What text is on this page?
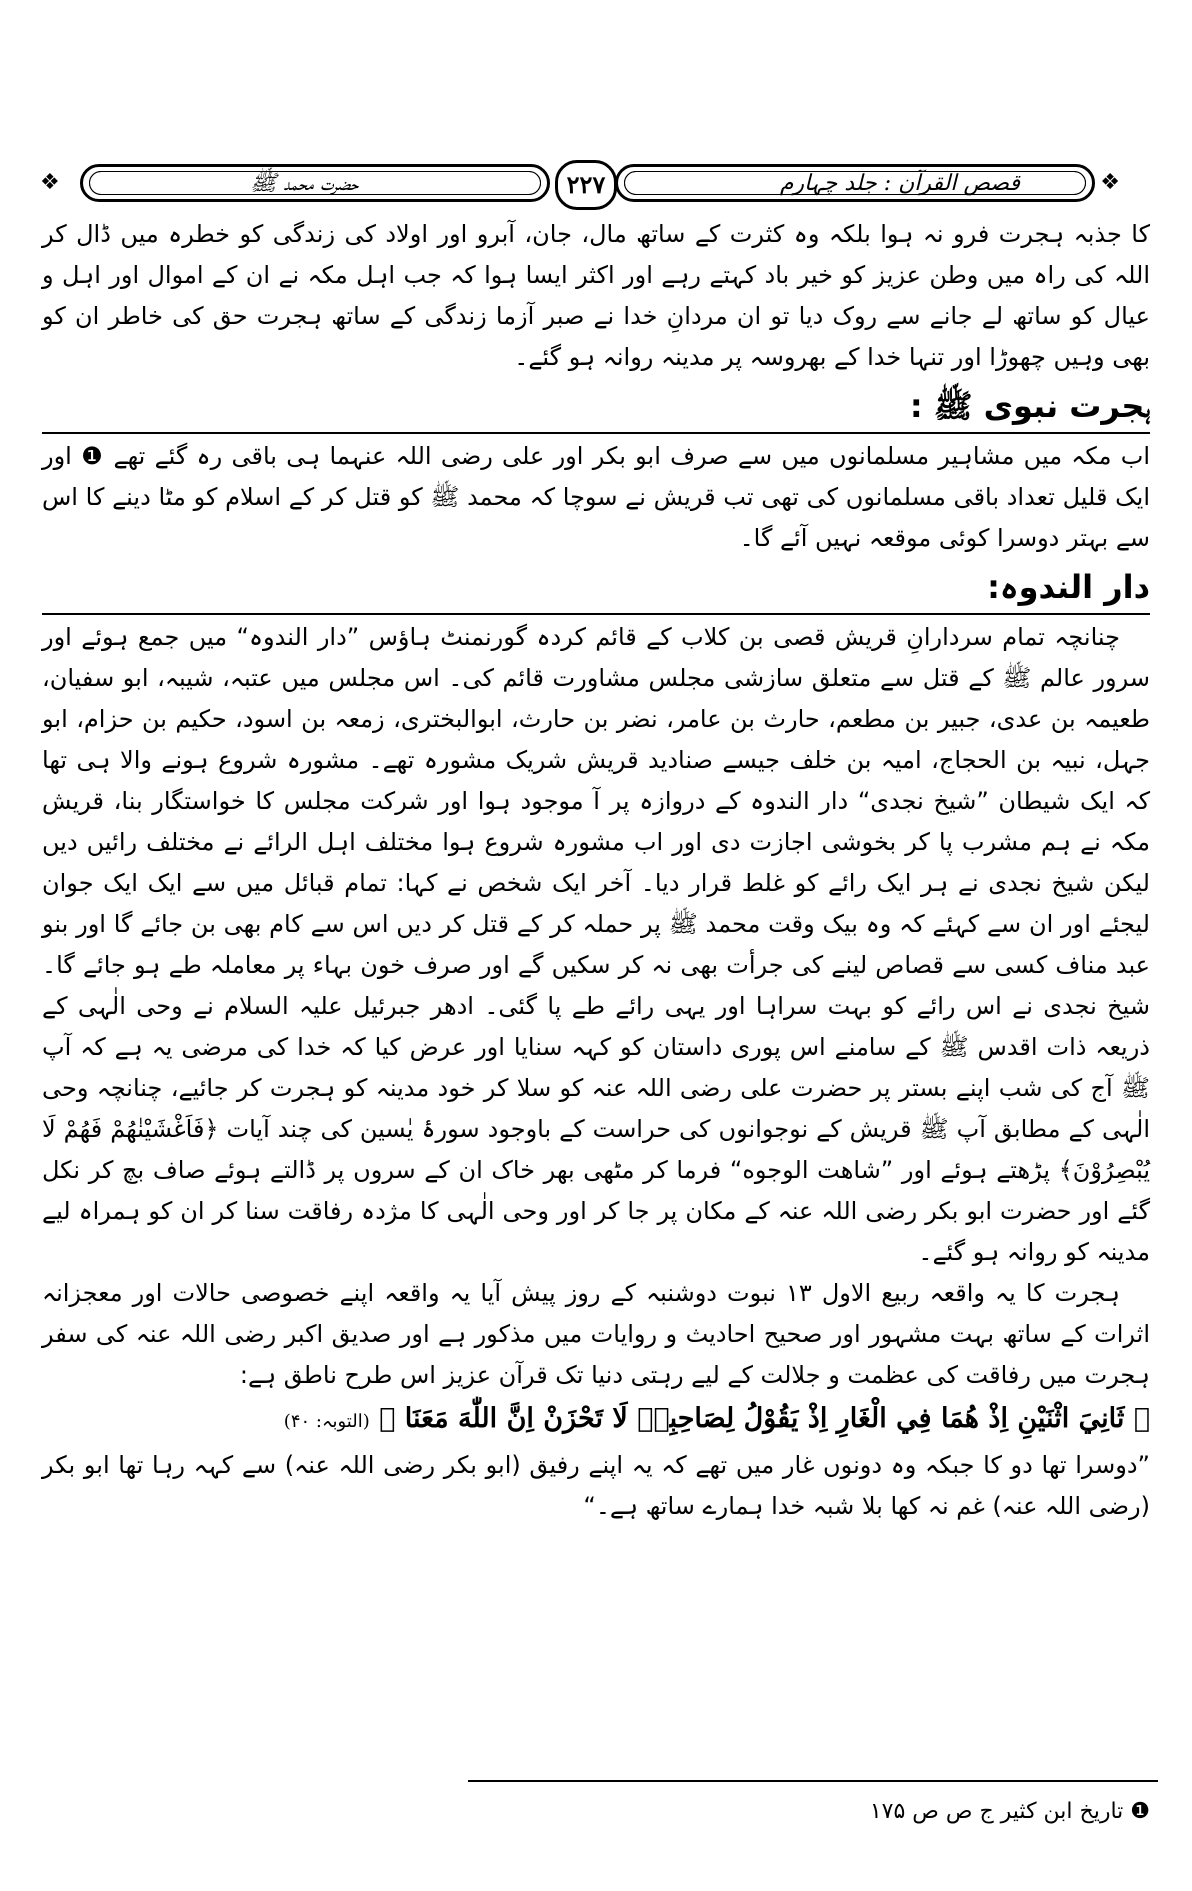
❖
❖	قصص القرآن : جلد چہارم
حضرت محمد ﷺ	۲۲۷

کا جذبہ ہجرت فرو نہ ہوا بلکہ وہ کثرت کے ساتھ مال، جان، آبرو اور اولاد کی زندگی کو خطرہ میں ڈال کر اللہ کی راہ میں وطن عزیز کو خیر باد کہتے رہے اور اکثر ایسا ہوا کہ جب اہل مکہ نے ان کے اموال اور اہل و عیال کو ساتھ لے جانے سے روک دیا تو ان مردانِ خدا نے صبر آزما زندگی کے ساتھ ہجرت حق کی خاطر ان کو بھی وہیں چھوڑا اور تنہا خدا کے بھروسہ پر مدینہ روانہ ہو گئے۔

ہجرت نبوی ﷺ :

اب مکہ میں مشاہیر مسلمانوں میں سے صرف ابو بکر اور علی رضی اللہ عنہما ہی باقی رہ گئے تھے ❶ اور ایک قلیل تعداد باقی مسلمانوں کی تھی تب قریش نے سوچا کہ محمد ﷺ کو قتل کر کے اسلام کو مٹا دینے کا اس سے بہتر دوسرا کوئی موقعہ نہیں آئے گا۔

دار الندوہ:

چنانچہ تمام سردارانِ قریش قصی بن کلاب کے قائم کردہ گورنمنٹ ہاؤس ”دار الندوہ“ میں جمع ہوئے اور سرور عالم ﷺ کے قتل سے متعلق سازشی مجلس مشاورت قائم کی۔ اس مجلس میں عتبہ، شیبہ، ابو سفیان، طعیمہ بن عدی، جبیر بن مطعم، حارث بن عامر، نضر بن حارث، ابوالبختری، زمعہ بن اسود، حکیم بن حزام، ابو جہل، نبیہ بن الحجاج، امیہ بن خلف جیسے صنادید قریش شریک مشورہ تھے۔ مشورہ شروع ہونے والا ہی تھا کہ ایک شیطان ”شیخ نجدی“ دار الندوہ کے دروازہ پر آ موجود ہوا اور شرکت مجلس کا خواستگار بنا، قریش مکہ نے ہم مشرب پا کر بخوشی اجازت دی اور اب مشورہ شروع ہوا مختلف اہل الرائے نے مختلف رائیں دیں لیکن شیخ نجدی نے ہر ایک رائے کو غلط قرار دیا۔ آخر ایک شخص نے کہا: تمام قبائل میں سے ایک ایک جوان لیجئے اور ان سے کہئے کہ وہ بیک وقت محمد ﷺ پر حملہ کر کے قتل کر دیں اس سے کام بھی بن جائے گا اور بنو عبد مناف کسی سے قصاص لینے کی جرأت بھی نہ کر سکیں گے اور صرف خون بہاء پر معاملہ طے ہو جائے گا۔ شیخ نجدی نے اس رائے کو بہت سراہا اور یہی رائے طے پا گئی۔ ادھر جبرئیل علیہ السلام نے وحی الٰہی کے ذریعہ ذات اقدس ﷺ کے سامنے اس پوری داستان کو کہہ سنایا اور عرض کیا کہ خدا کی مرضی یہ ہے کہ آپ ﷺ آج کی شب اپنے بستر پر حضرت علی رضی اللہ عنہ کو سلا کر خود مدینہ کو ہجرت کر جائیے، چنانچہ وحی الٰہی کے مطابق آپ ﷺ قریش کے نوجوانوں کی حراست کے باوجود سورۂ یٰسین کی چند آیات ﴿فَاَغْشَيْنٰهُمْ فَهُمْ لَا يُبْصِرُوْنَ﴾ پڑھتے ہوئے اور ”شاهت الوجوه“ فرما کر مٹھی بھر خاک ان کے سروں پر ڈالتے ہوئے صاف بچ کر نکل گئے اور حضرت ابو بکر رضی اللہ عنہ کے مکان پر جا کر اور وحی الٰہی کا مژدہ رفاقت سنا کر ان کو ہمراہ لیے مدینہ کو روانہ ہو گئے۔

ہجرت کا یہ واقعہ ربیع الاول ۱۳ نبوت دوشنبہ کے روز پیش آیا یہ واقعہ اپنے خصوصی حالات اور معجزانہ اثرات کے ساتھ بہت مشہور اور صحیح احادیث و روایات میں مذکور ہے اور صدیق اکبر رضی اللہ عنہ کی سفر ہجرت میں رفاقت کی عظمت و جلالت کے لیے رہتی دنیا تک قرآن عزیز اس طرح ناطق ہے:

﴿ ثَانِيَ اثْنَيْنِ اِذْ هُمَا فِي الْغَارِ اِذْ يَقُوْلُ لِصَاحِبِهٖ لَا تَحْزَنْ اِنَّ اللّٰهَ مَعَنَا ﴾ (التوبہ: ۴۰)

”دوسرا تھا دو کا جبکہ وہ دونوں غار میں تھے کہ یہ اپنے رفیق (ابو بکر رضی اللہ عنہ) سے کہہ رہا تھا ابو بکر (رضی اللہ عنہ) غم نہ کھا بلا شبہ خدا ہمارے ساتھ ہے۔“

❶ تاریخ ابن کثیر ج ص ص ۱۷۵
